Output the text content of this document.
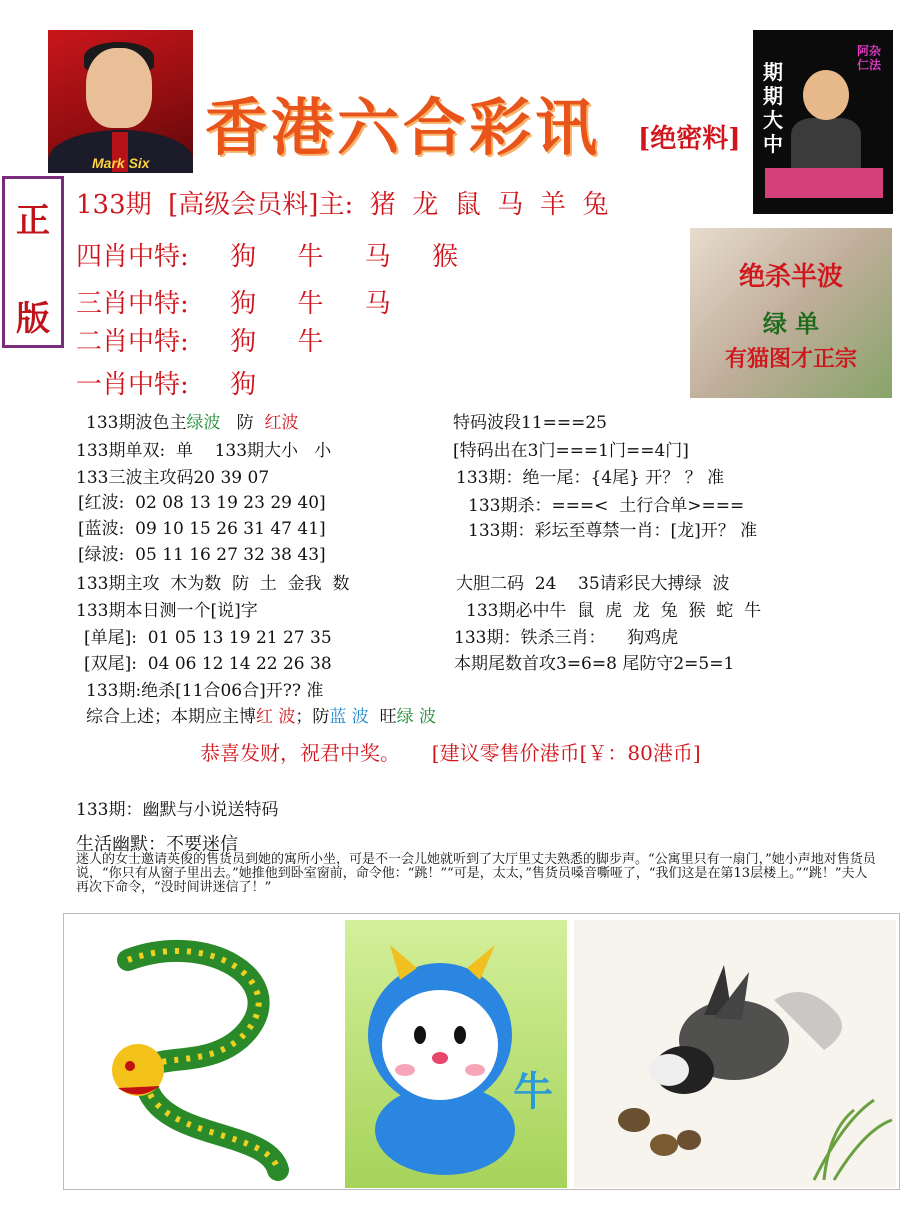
Mark Six 香港六合彩讯 [绝密料]
期期大中
阿杂仁法
正
版
133期  [高级会员料]主:  猪  龙  鼠  马  羊  兔
四肖中特:     狗     牛     马     猴
三肖中特:     狗     牛     马
二肖中特:     狗     牛
一肖中特:     狗
绝杀半波
绿 单
有猫图才正宗
133期波色主绿波   防  红波
133期单双:  单    133期大小   小
133三波主攻码20 39 07
[红波:  02 08 13 19 23 29 40]
[蓝波:  09 10 15 26 31 47 41]
[绿波:  05 11 16 27 32 38 43]
133期主攻  木为数  防  土  金我  数
133期本日测一个[说]字
[单尾]:  01 05 13 19 21 27 35
[双尾]:  04 06 12 14 22 26 38
133期:绝杀[11合06合]开?? 准
综合上述；本期应主博红 波；防蓝 波  旺绿 波
特码波段11===25
[特码出在3门===1门==4门]
133期：绝一尾：{4尾} 开？ ？ 准
133期杀：===<  土行合单>===
133期：彩坛至尊禁一肖：[龙]开？ 准
大胆二码  24    35请彩民大搏绿  波
133期必中牛  鼠  虎  龙  兔  猴  蛇  牛
133期：铁杀三肖：    狗鸡虎
本期尾数首攻3=6=8 尾防守2=5=1
恭喜发财，祝君中奖。     [建议零售价港币[￥：80港币]
133期：幽默与小说送特码
生活幽默：不要迷信
迷人的女士邀请英俊的售货员到她的寓所小坐，可是不一会儿她就听到了大厅里丈夫熟悉的脚步声。“公寓里只有一扇门，”她小声地对售货员说，“你只有从窗子里出去。”她推他到卧室窗前，命令他：“跳！”“可是，太太，”售货员嗓音嘶哑了，“我们这是在第13层楼上。”“跳！”夫人再次下命令，“没时间讲迷信了！”
牛
